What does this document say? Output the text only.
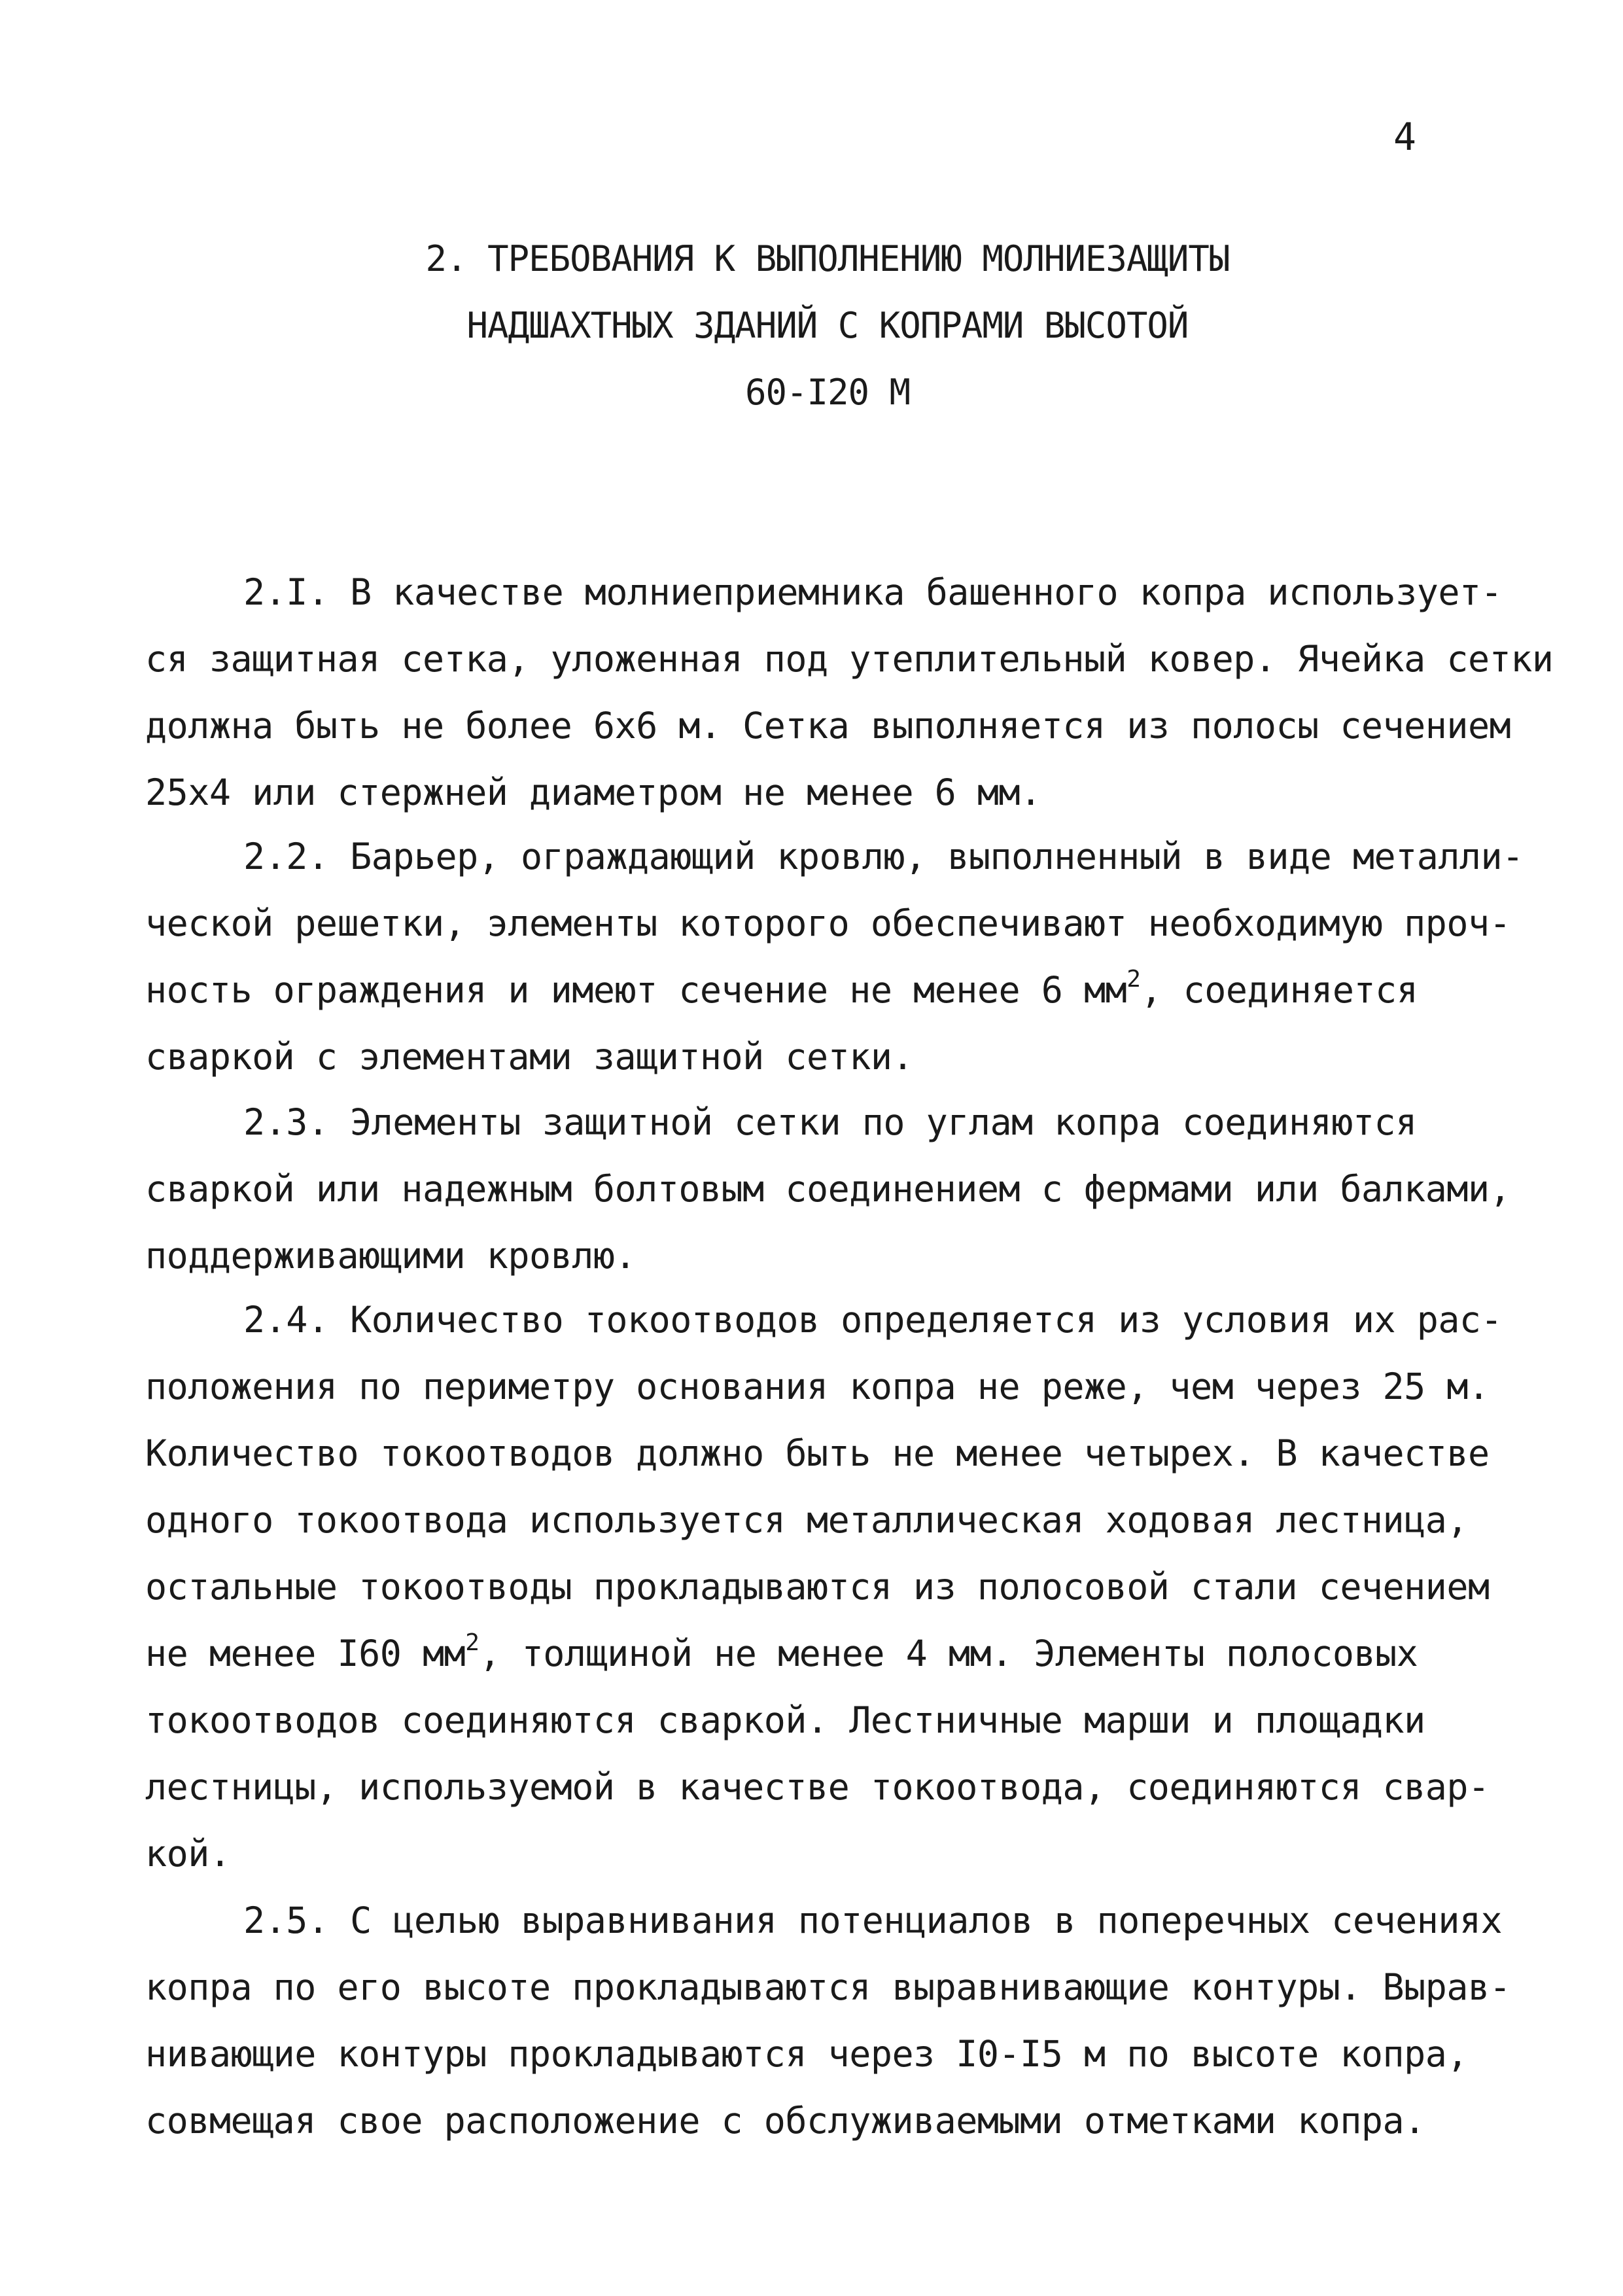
4
2. ТРЕБОВАНИЯ К ВЫПОЛНЕНИЮ МОЛНИЕЗАЩИТЫ
НАДШАХТНЫХ ЗДАНИЙ С КОПРАМИ ВЫСОТОЙ
60-I20 М
2.I. В качестве молниеприемника башенного копра использует-
ся защитная сетка, уложенная под утеплительный ковер. Ячейка сетки
должна быть не более 6х6 м. Сетка выполняется из полосы сечением
25х4 или стержней диаметром не менее 6 мм.
2.2. Барьер, ограждающий кровлю, выполненный в виде металли-
ческой решетки, элементы которого обеспечивают необходимую проч-
ность ограждения и имеют сечение не менее 6 $мм^2$, соединяется
сваркой с элементами защитной сетки.
2.3. Элементы защитной сетки по углам копра соединяются
сваркой или надежным болтовым соединением с фермами или балками,
поддерживающими кровлю.
2.4. Количество токоотводов определяется из условия их рас-
положения по периметру основания копра не реже, чем через 25 м.
Количество токоотводов должно быть не менее четырех. В качестве
одного токоотвода используется металлическая ходовая лестница,
остальные токоотводы прокладываются из полосовой стали сечением
не менее I60 $мм^2$, толщиной не менее 4 мм. Элементы полосовых
токоотводов соединяются сваркой. Лестничные марши и площадки
лестницы, используемой в качестве токоотвода, соединяются свар-
кой.
2.5. С целью выравнивания потенциалов в поперечных сечениях
копра по его высоте прокладываются выравнивающие контуры. Вырав-
нивающие контуры прокладываются через I0-I5 м по высоте копра,
совмещая свое расположение с обслуживаемыми отметками копра.
